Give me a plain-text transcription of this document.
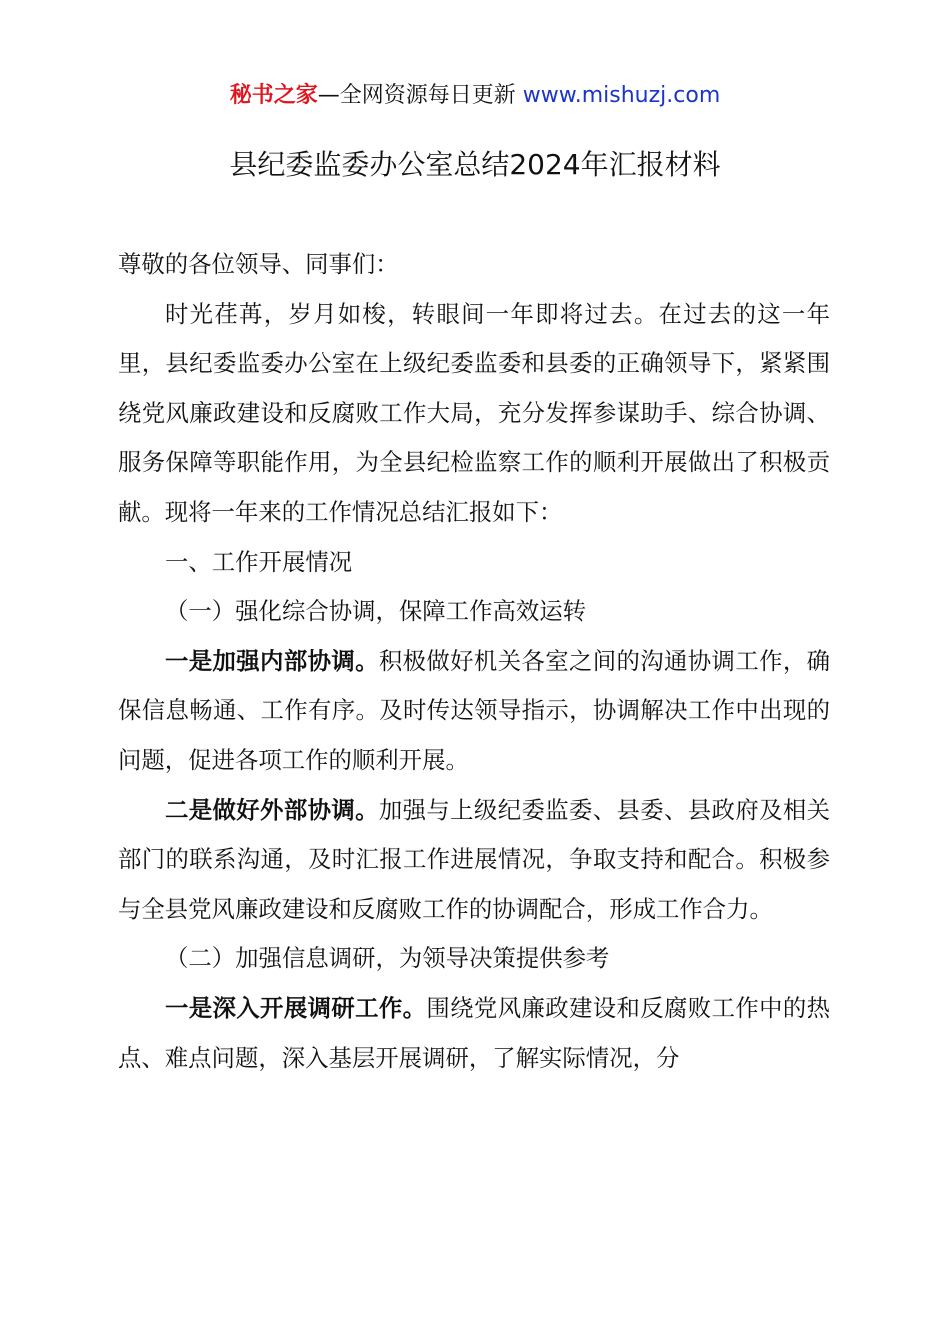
秘书之家—全网资源每日更新 www.mishuzj.com
县纪委监委办公室总结2024年汇报材料

尊敬的各位领导、同事们：

时光荏苒，岁月如梭，转眼间一年即将过去。在过去的这一年里，县纪委监委办公室在上级纪委监委和县委的正确领导下，紧紧围绕党风廉政建设和反腐败工作大局，充分发挥参谋助手、综合协调、服务保障等职能作用，为全县纪检监察工作的顺利开展做出了积极贡献。现将一年来的工作情况总结汇报如下：

一、工作开展情况

（一）强化综合协调，保障工作高效运转

一是加强内部协调。积极做好机关各室之间的沟通协调工作，确保信息畅通、工作有序。及时传达领导指示，协调解决工作中出现的问题，促进各项工作的顺利开展。

二是做好外部协调。加强与上级纪委监委、县委、县政府及相关部门的联系沟通，及时汇报工作进展情况，争取支持和配合。积极参与全县党风廉政建设和反腐败工作的协调配合，形成工作合力。

（二）加强信息调研，为领导决策提供参考

一是深入开展调研工作。围绕党风廉政建设和反腐败工作中的热点、难点问题，深入基层开展调研，了解实际情况，分
